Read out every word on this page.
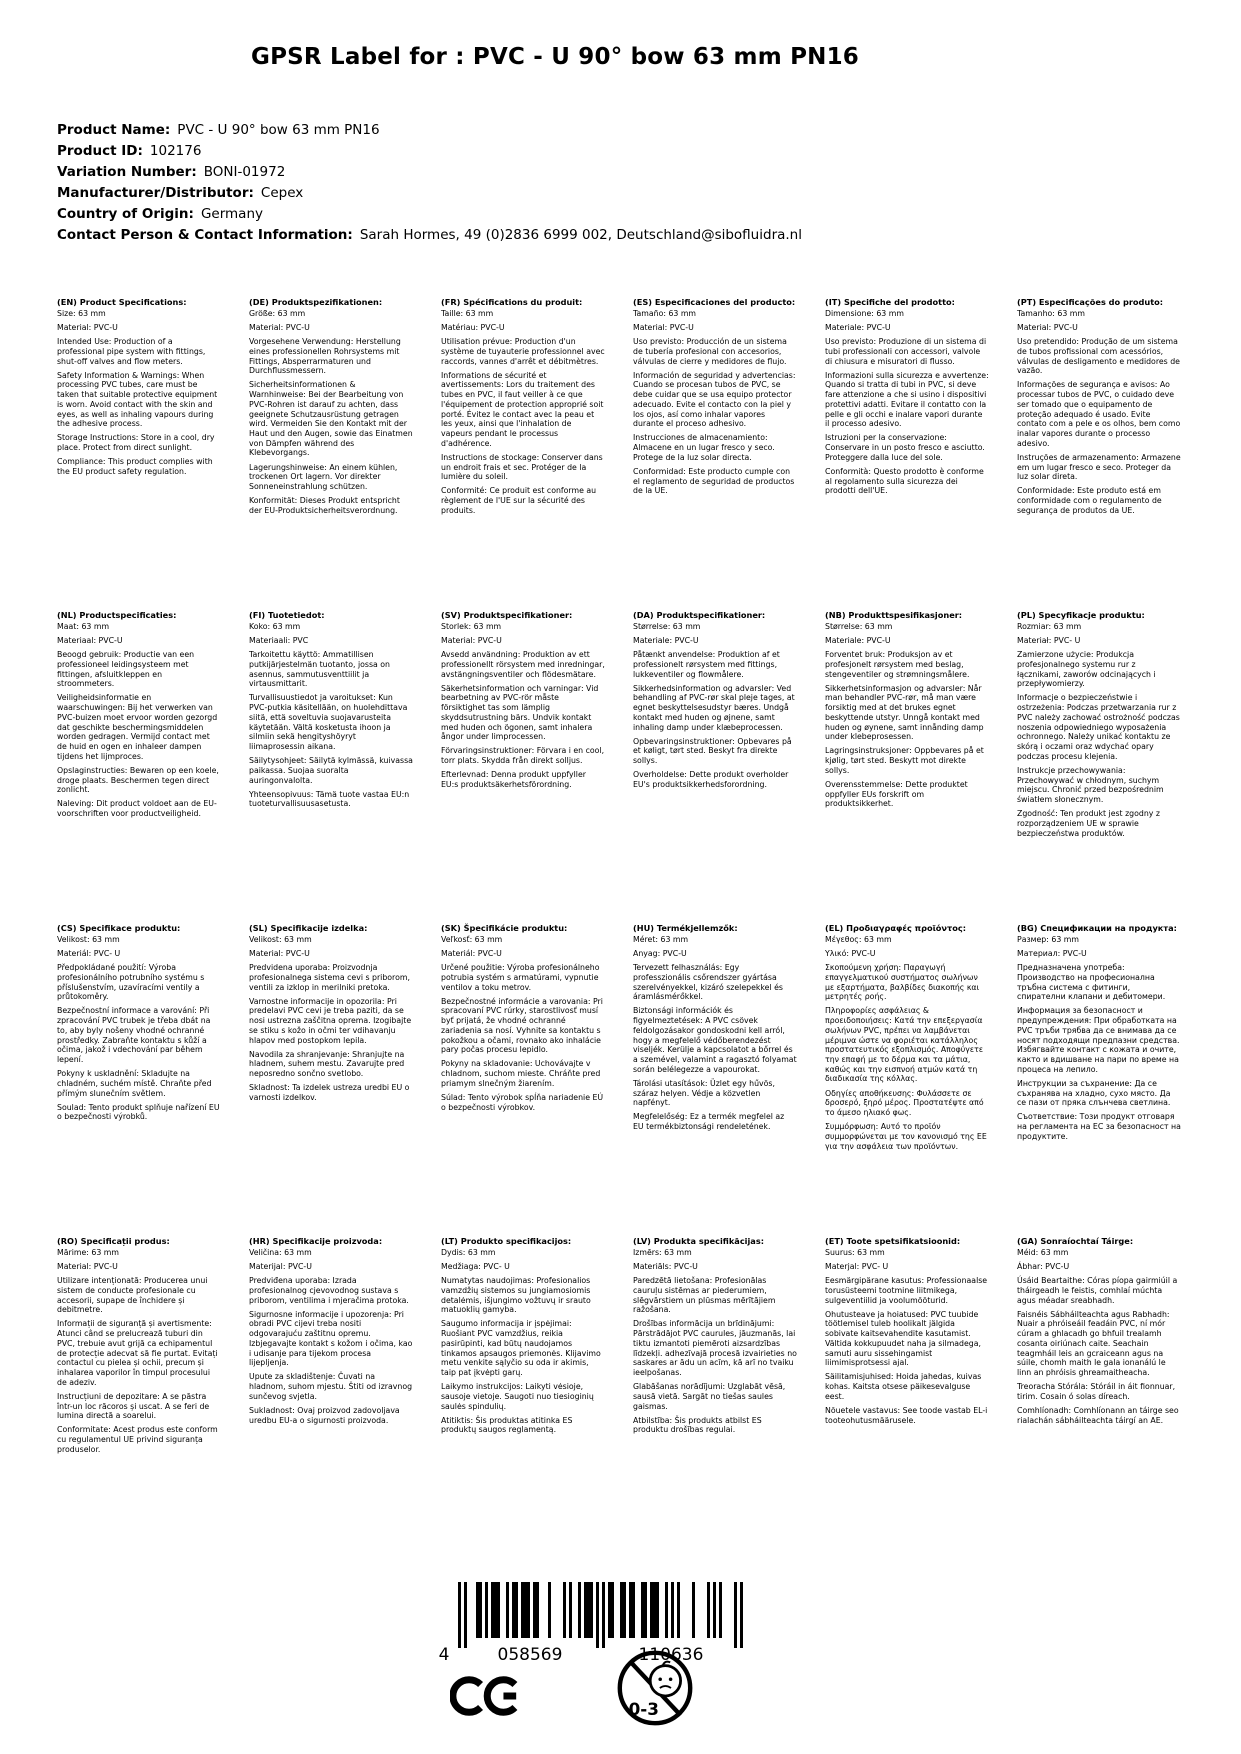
GPSR Label for : PVC - U 90° bow 63 mm PN16
Product Name: PVC - U 90° bow 63 mm PN16
Product ID: 102176
Variation Number: BONI-01972
Manufacturer/Distributor: Cepex
Country of Origin: Germany
Contact Person & Contact Information: Sarah Hormes, 49 (0)2836 6999 002, Deutschland@sibofluidra.nl
(EN) Product Specifications:

Size: 63 mm

Material: PVC-U

Intended Use: Production of a professional pipe system with fittings, shut-off valves and flow meters.

Safety Information & Warnings: When processing PVC tubes, care must be taken that suitable protective equipment is worn. Avoid contact with the skin and eyes, as well as inhaling vapours during the adhesive process.

Storage Instructions: Store in a cool, dry place. Protect from direct sunlight.

Compliance: This product complies with the EU product safety regulation.

(DE) Produktspezifikationen:

Größe: 63 mm

Material: PVC-U

Vorgesehene Verwendung: Herstellung eines professionellen Rohrsystems mit Fittings, Absperrarmaturen und Durchflussmessern.

Sicherheitsinformationen & Warnhinweise: Bei der Bearbeitung von PVC-Rohren ist darauf zu achten, dass geeignete Schutzausrüstung getragen wird. Vermeiden Sie den Kontakt mit der Haut und den Augen, sowie das Einatmen von Dämpfen während des Klebevorgangs.

Lagerungshinweise: An einem kühlen, trockenen Ort lagern. Vor direkter Sonneneinstrahlung schützen.

Konformität: Dieses Produkt entspricht der EU-Produktsicherheitsverordnung.

(FR) Spécifications du produit:

Taille: 63 mm

Matériau: PVC-U

Utilisation prévue: Production d'un système de tuyauterie professionnel avec raccords, vannes d'arrêt et débitmètres.

Informations de sécurité et avertissements: Lors du traitement des tubes en PVC, il faut veiller à ce que l'équipement de protection approprié soit porté. Évitez le contact avec la peau et les yeux, ainsi que l'inhalation de vapeurs pendant le processus d'adhérence.

Instructions de stockage: Conserver dans un endroit frais et sec. Protéger de la lumière du soleil.

Conformité: Ce produit est conforme au règlement de l'UE sur la sécurité des produits.

(ES) Especificaciones del producto:

Tamaño: 63 mm

Material: PVC-U

Uso previsto: Producción de un sistema de tubería profesional con accesorios, válvulas de cierre y medidores de flujo.

Información de seguridad y advertencias: Cuando se procesan tubos de PVC, se debe cuidar que se usa equipo protector adecuado. Evite el contacto con la piel y los ojos, así como inhalar vapores durante el proceso adhesivo.

Instrucciones de almacenamiento: Almacene en un lugar fresco y seco. Protege de la luz solar directa.

Conformidad: Este producto cumple con el reglamento de seguridad de productos de la UE.

(IT) Specifiche del prodotto:

Dimensione: 63 mm

Materiale: PVC-U

Uso previsto: Produzione di un sistema di tubi professionali con accessori, valvole di chiusura e misuratori di flusso.

Informazioni sulla sicurezza e avvertenze: Quando si tratta di tubi in PVC, si deve fare attenzione a che si usino i dispositivi protettivi adatti. Evitare il contatto con la pelle e gli occhi e inalare vapori durante il processo adesivo.

Istruzioni per la conservazione: Conservare in un posto fresco e asciutto. Proteggere dalla luce del sole.

Conformità: Questo prodotto è conforme al regolamento sulla sicurezza dei prodotti dell'UE.

(PT) Especificações do produto:

Tamanho: 63 mm

Material: PVC-U

Uso pretendido: Produção de um sistema de tubos profissional com acessórios, válvulas de desligamento e medidores de vazão.

Informações de segurança e avisos: Ao processar tubos de PVC, o cuidado deve ser tomado que o equipamento de proteção adequado é usado. Evite contato com a pele e os olhos, bem como inalar vapores durante o processo adesivo.

Instruções de armazenamento: Armazene em um lugar fresco e seco. Proteger da luz solar direta.

Conformidade: Este produto está em conformidade com o regulamento de segurança de produtos da UE.

(NL) Productspecificaties:

Maat: 63 mm

Materiaal: PVC-U

Beoogd gebruik: Productie van een professioneel leidingsysteem met fittingen, afsluitkleppen en stroommeters.

Veiligheidsinformatie en waarschuwingen: Bij het verwerken van PVC-buizen moet ervoor worden gezorgd dat geschikte beschermingsmiddelen worden gedragen. Vermijd contact met de huid en ogen en inhaleer dampen tijdens het lijmproces.

Opslaginstructies: Bewaren op een koele, droge plaats. Beschermen tegen direct zonlicht.

Naleving: Dit product voldoet aan de EU-voorschriften voor productveiligheid.

(FI) Tuotetiedot:

Koko: 63 mm

Materiaali: PVC

Tarkoitettu käyttö: Ammatillisen putkijärjestelmän tuotanto, jossa on asennus, sammutusventtiilit ja virtausmittarit.

Turvallisuustiedot ja varoitukset: Kun PVC-putkia käsitellään, on huolehdittava siitä, että soveltuvia suojavarusteita käytetään. Vältä kosketusta ihoon ja silmiin sekä hengityshöyryt liimaprosessin aikana.

Säilytysohjeet: Säilytä kylmässä, kuivassa paikassa. Suojaa suoralta auringonvalolta.

Yhteensopivuus: Tämä tuote vastaa EU:n tuoteturvallisuusasetusta.

(SV) Produktspecifikationer:

Storlek: 63 mm

Material: PVC-U

Avsedd användning: Produktion av ett professionellt rörsystem med inredningar, avstängningsventiler och flödesmätare.

Säkerhetsinformation och varningar: Vid bearbetning av PVC-rör måste försiktighet tas som lämplig skyddsutrustning bärs. Undvik kontakt med huden och ögonen, samt inhalera ångor under limprocessen.

Förvaringsinstruktioner: Förvara i en cool, torr plats. Skydda från direkt solljus.

Efterlevnad: Denna produkt uppfyller EU:s produktsäkerhetsförordning.

(DA) Produktspecifikationer:

Størrelse: 63 mm

Materiale: PVC-U

Påtænkt anvendelse: Produktion af et professionelt rørsystem med fittings, lukkeventiler og flowmålere.

Sikkerhedsinformation og advarsler: Ved behandling af PVC-rør skal pleje tages, at egnet beskyttelsesudstyr bæres. Undgå kontakt med huden og øjnene, samt inhaling damp under klæbeprocessen.

Opbevaringsinstruktioner: Opbevares på et køligt, tørt sted. Beskyt fra direkte sollys.

Overholdelse: Dette produkt overholder EU's produktsikkerhedsforordning.

(NB) Produkttspesifikasjoner:

Størrelse: 63 mm

Materiale: PVC-U

Forventet bruk: Produksjon av et profesjonelt rørsystem med beslag, stengeventiler og strømningsmålere.

Sikkerhetsinformasjon og advarsler: Når man behandler PVC-rør, må man være forsiktig med at det brukes egnet beskyttende utstyr. Unngå kontakt med huden og øynene, samt innånding damp under klebeprosessen.

Lagringsinstruksjoner: Oppbevares på et kjølig, tørt sted. Beskytt mot direkte sollys.

Overensstemmelse: Dette produktet oppfyller EUs forskrift om produktsikkerhet.

(PL) Specyfikacje produktu:

Rozmiar: 63 mm

Materiał: PVC- U

Zamierzone użycie: Produkcja profesjonalnego systemu rur z łącznikami, zaworów odcinających i przepływomierzy.

Informacje o bezpieczeństwie i ostrzeżenia: Podczas przetwarzania rur z PVC należy zachować ostrożność podczas noszenia odpowiedniego wyposażenia ochronnego. Należy unikać kontaktu ze skórą i oczami oraz wdychać opary podczas procesu klejenia.

Instrukcje przechowywania: Przechowywać w chłodnym, suchym miejscu. Chronić przed bezpośrednim światłem słonecznym.

Zgodność: Ten produkt jest zgodny z rozporządzeniem UE w sprawie bezpieczeństwa produktów.

(CS) Specifikace produktu:

Velikost: 63 mm

Materiál: PVC- U

Předpokládané použití: Výroba profesionálního potrubního systému s příslušenstvím, uzavíracími ventily a průtokoměry.

Bezpečnostní informace a varování: Při zpracování PVC trubek je třeba dbát na to, aby byly nošeny vhodné ochranné prostředky. Zabraňte kontaktu s kůží a očima, jakož i vdechování par během lepení.

Pokyny k uskladnění: Skladujte na chladném, suchém místě. Chraňte před přímým slunečním světlem.

Soulad: Tento produkt splňuje nařízení EU o bezpečnosti výrobků.

(SL) Specifikacije izdelka:

Velikost: 63 mm

Material: PVC-U

Predvidena uporaba: Proizvodnja profesionalnega sistema cevi s priborom, ventili za izklop in merilniki pretoka.

Varnostne informacije in opozorila: Pri predelavi PVC cevi je treba paziti, da se nosi ustrezna zaščitna oprema. Izogibajte se stiku s kožo in očmi ter vdihavanju hlapov med postopkom lepila.

Navodila za shranjevanje: Shranjujte na hladnem, suhem mestu. Zavarujte pred neposredno sončno svetlobo.

Skladnost: Ta izdelek ustreza uredbi EU o varnosti izdelkov.

(SK) Špecifikácie produktu:

Veľkosť: 63 mm

Materiál: PVC-U

Určené použitie: Výroba profesionálneho potrubia systém s armatúrami, vypnutie ventilov a toku metrov.

Bezpečnostné informácie a varovania: Pri spracovaní PVC rúrky, starostlivosť musí byť prijatá, že vhodné ochranné zariadenia sa nosí. Vyhnite sa kontaktu s pokožkou a očami, rovnako ako inhalácie pary počas procesu lepidlo.

Pokyny na skladovanie: Uchovávajte v chladnom, suchom mieste. Chráňte pred priamym slnečným žiarením.

Súlad: Tento výrobok spĺňa nariadenie EÚ o bezpečnosti výrobkov.

(HU) Termékjellemzők:

Méret: 63 mm

Anyag: PVC-U

Tervezett felhasználás: Egy professzionális csőrendszer gyártása szerelvényekkel, kizáró szelepekkel és áramlásmérőkkel.

Biztonsági információk és figyelmeztetések: A PVC csövek feldolgozásakor gondoskodni kell arról, hogy a megfelelő védőberendezést viseljék. Kerülje a kapcsolatot a bőrrel és a szemével, valamint a ragasztó folyamat során belélegezze a vapourokat.

Tárolási utasítások: Üzlet egy hűvös, száraz helyen. Védje a közvetlen napfényt.

Megfelelőség: Ez a termék megfelel az EU termékbiztonsági rendeletének.

(EL) Προδιαγραφές προϊόντος:

Μέγεθος: 63 mm

Υλικό: PVC-U

Σκοπούμενη χρήση: Παραγωγή επαγγελματικού συστήματος σωλήνων με εξαρτήματα, βαλβίδες διακοπής και μετρητές ροής.

Πληροφορίες ασφάλειας & προειδοποιήσεις: Κατά την επεξεργασία σωλήνων PVC, πρέπει να λαμβάνεται μέριμνα ώστε να φοριέται κατάλληλος προστατευτικός εξοπλισμός. Αποφύγετε την επαφή με το δέρμα και τα μάτια, καθώς και την εισπνοή ατμών κατά τη διαδικασία της κόλλας.

Οδηγίες αποθήκευσης: Φυλάσσετε σε δροσερό, ξηρό μέρος. Προστατέψτε από το άμεσο ηλιακό φως.

Συμμόρφωση: Αυτό το προϊόν συμμορφώνεται με τον κανονισμό της ΕΕ για την ασφάλεια των προϊόντων.

(BG) Спецификации на продукта:

Размер: 63 mm

Материал: PVC-U

Предназначена употреба: Производство на професионална тръбна система с фитинги, спирателни клапани и дебитомери.

Информация за безопасност и предупреждения: При обработката на PVC тръби трябва да се внимава да се носят подходящи предпазни средства. Избягвайте контакт с кожата и очите, както и вдишване на пари по време на процеса на лепило.

Инструкции за съхранение: Да се съхранява на хладно, сухо място. Да се пази от пряка слънчева светлина.

Съответствие: Този продукт отговаря на регламента на ЕС за безопасност на продуктите.

(RO) Specificații produs:

Mărime: 63 mm

Material: PVC-U

Utilizare intenționată: Producerea unui sistem de conducte profesionale cu accesorii, supape de închidere și debitmetre.

Informații de siguranță și avertismente: Atunci când se prelucrează tuburi din PVC, trebuie avut grijă ca echipamentul de protecție adecvat să fie purtat. Evitați contactul cu pielea și ochii, precum și inhalarea vaporilor în timpul procesului de adeziv.

Instrucțiuni de depozitare: A se păstra într-un loc răcoros și uscat. A se feri de lumina directă a soarelui.

Conformitate: Acest produs este conform cu regulamentul UE privind siguranța produselor.

(HR) Specifikacije proizvoda:

Veličina: 63 mm

Materijal: PVC-U

Predviđena uporaba: Izrada profesionalnog cjevovodnog sustava s priborom, ventilima i mjeračima protoka.

Sigurnosne informacije i upozorenja: Pri obradi PVC cijevi treba nositi odgovarajuću zaštitnu opremu. Izbjegavajte kontakt s kožom i očima, kao i udisanje para tijekom procesa lijepljenja.

Upute za skladištenje: Čuvati na hladnom, suhom mjestu. Štiti od izravnog sunčevog svjetla.

Sukladnost: Ovaj proizvod zadovoljava uredbu EU-a o sigurnosti proizvoda.

(LT) Produkto specifikacijos:

Dydis: 63 mm

Medžiaga: PVC- U

Numatytas naudojimas: Profesionalios vamzdžių sistemos su jungiamosiomis detalėmis, išjungimo vožtuvų ir srauto matuoklių gamyba.

Saugumo informacija ir įspėjimai: Ruošiant PVC vamzdžius, reikia pasirūpinti, kad būtų naudojamos tinkamos apsaugos priemonės. Klijavimo metu venkite sąlyčio su oda ir akimis, taip pat įkvėpti garų.

Laikymo instrukcijos: Laikyti vėsioje, sausoje vietoje. Saugoti nuo tiesioginių saulės spindulių.

Atitiktis: Šis produktas atitinka ES produktų saugos reglamentą.

(LV) Produkta specifikācijas:

Izmērs: 63 mm

Materiāls: PVC-U

Paredzētā lietošana: Profesionālas cauruļu sistēmas ar piederumiem, slēgvārstiem un plūsmas mērītājiem ražošana.

Drošības informācija un brīdinājumi: Pārstrādājot PVC caurules, jāuzmanās, lai tiktu izmantoti piemēroti aizsardzības līdzekļi. adhezīvajā procesā izvairieties no saskares ar ādu un acīm, kā arī no tvaiku ieelpošanas.

Glabāšanas norādījumi: Uzglabāt vēsā, sausā vietā. Sargāt no tiešas saules gaismas.

Atbilstība: Šis produkts atbilst ES produktu drošības regulai.

(ET) Toote spetsifikatsioonid:

Suurus: 63 mm

Materjal: PVC- U

Eesmärgipärane kasutus: Professionaalse torusüsteemi tootmine liitmikega, sulgeventiilid ja voolumõõturid.

Ohutusteave ja hoiatused: PVC tuubide töötlemisel tuleb hoolikalt jälgida sobivate kaitsevahendite kasutamist. Vältida kokkupuudet naha ja silmadega, samuti auru sissehingamist liimimisprotsessi ajal.

Säilitamisjuhised: Hoida jahedas, kuivas kohas. Kaitsta otsese päikesevalguse eest.

Nõuetele vastavus: See toode vastab EL-i tooteohutusmäärusele.

(GA) Sonraíochtaí Táirge:

Méid: 63 mm

Ábhar: PVC-U

Úsáid Beartaithe: Córas píopa gairmiúil a tháirgeadh le feistis, comhlaí múchta agus méadar sreabhadh.

Faisnéis Sábháilteachta agus Rabhadh: Nuair a phróiseáil feadáin PVC, ní mór cúram a ghlacadh go bhfuil trealamh cosanta oiriúnach caite. Seachain teagmháil leis an gcraiceann agus na súile, chomh maith le gala ionanálú le linn an phróisis ghreamaitheacha.

Treoracha Stórála: Stóráil in áit fionnuar, tirim. Cosain ó solas díreach.

Comhlíonadh: Comhlíonann an táirge seo rialachán sábháilteachta táirgí an AE.

4	058569	110636
0-3
